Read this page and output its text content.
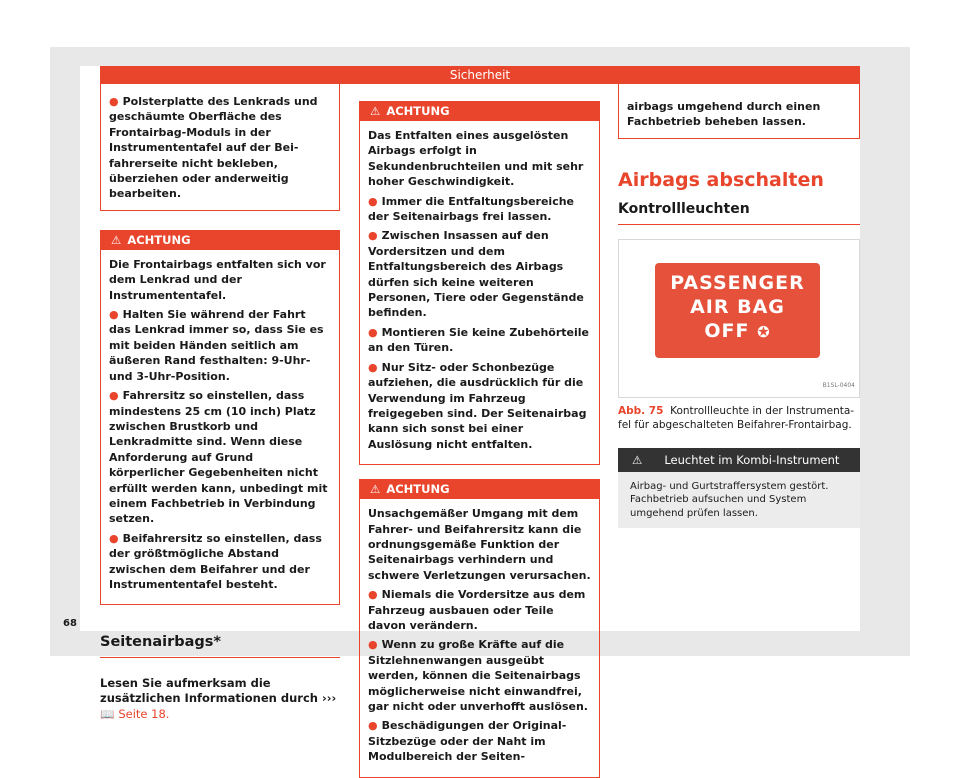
Sicherheit

● Polsterplatte des Lenkrads und geschäumte Oberfläche des Frontairbag-Moduls in der Instrumententafel auf der Beifahrerseite nicht bekleben, überziehen oder anderweitig bearbeiten.

⚠ ACHTUNG

Die Frontairbags entfalten sich vor dem Lenkrad und der Instrumententafel.

● Halten Sie während der Fahrt das Lenkrad immer so, dass Sie es mit beiden Händen seitlich am äußeren Rand festhalten: 9-Uhr- und 3-Uhr-Position.

● Fahrersitz so einstellen, dass mindestens 25 cm (10 inch) Platz zwischen Brustkorb und Lenkradmitte sind. Wenn diese Anforderung auf Grund körperlicher Gegebenheiten nicht erfüllt werden kann, unbedingt mit einem Fachbetrieb in Verbindung setzen.

● Beifahrersitz so einstellen, dass der größtmögliche Abstand zwischen dem Beifahrer und der Instrumententafel besteht.

Seitenairbags*

Lesen Sie aufmerksam die zusätzlichen Informationen durch ››› 📖 Seite 18.

⚠ ACHTUNG

Das Entfalten eines ausgelösten Airbags erfolgt in Sekundenbruchteilen und mit sehr hoher Geschwindigkeit.

● Immer die Entfaltungsbereiche der Seitenairbags frei lassen.

● Zwischen Insassen auf den Vordersitzen und dem Entfaltungsbereich des Airbags dürfen sich keine weiteren Personen, Tiere oder Gegenstände befinden.

● Montieren Sie keine Zubehörteile an den Türen.

● Nur Sitz- oder Schonbezüge aufziehen, die ausdrücklich für die Verwendung im Fahrzeug freigegeben sind. Der Seitenairbag kann sich sonst bei einer Auslösung nicht entfalten.

⚠ ACHTUNG

Unsachgemäßer Umgang mit dem Fahrer- und Beifahrersitz kann die ordnungsgemäße Funktion der Seitenairbags verhindern und schwere Verletzungen verursachen.

● Niemals die Vordersitze aus dem Fahrzeug ausbauen oder Teile davon verändern.

● Wenn zu große Kräfte auf die Sitzlehnenwangen ausgeübt werden, können die Seitenairbags möglicherweise nicht einwandfrei, gar nicht oder unverhofft auslösen.

● Beschädigungen der Original-Sitzbezüge oder der Naht im Modulbereich der Seiten-

airbags umgehend durch einen Fachbetrieb beheben lassen.

Airbags abschalten
Kontrollleuchten
PASSENGER
AIR BAG
OFF ✪
B1SL-0404

Abb. 75 Kontrollleuchte in der Instrumentafel für abgeschalteten Beifahrer-Frontairbag.

⚠ Leuchtet im Kombi-Instrument
Airbag- und Gurtstraffersystem gestört. Fachbetrieb aufsuchen und System umgehend prüfen lassen.
68
